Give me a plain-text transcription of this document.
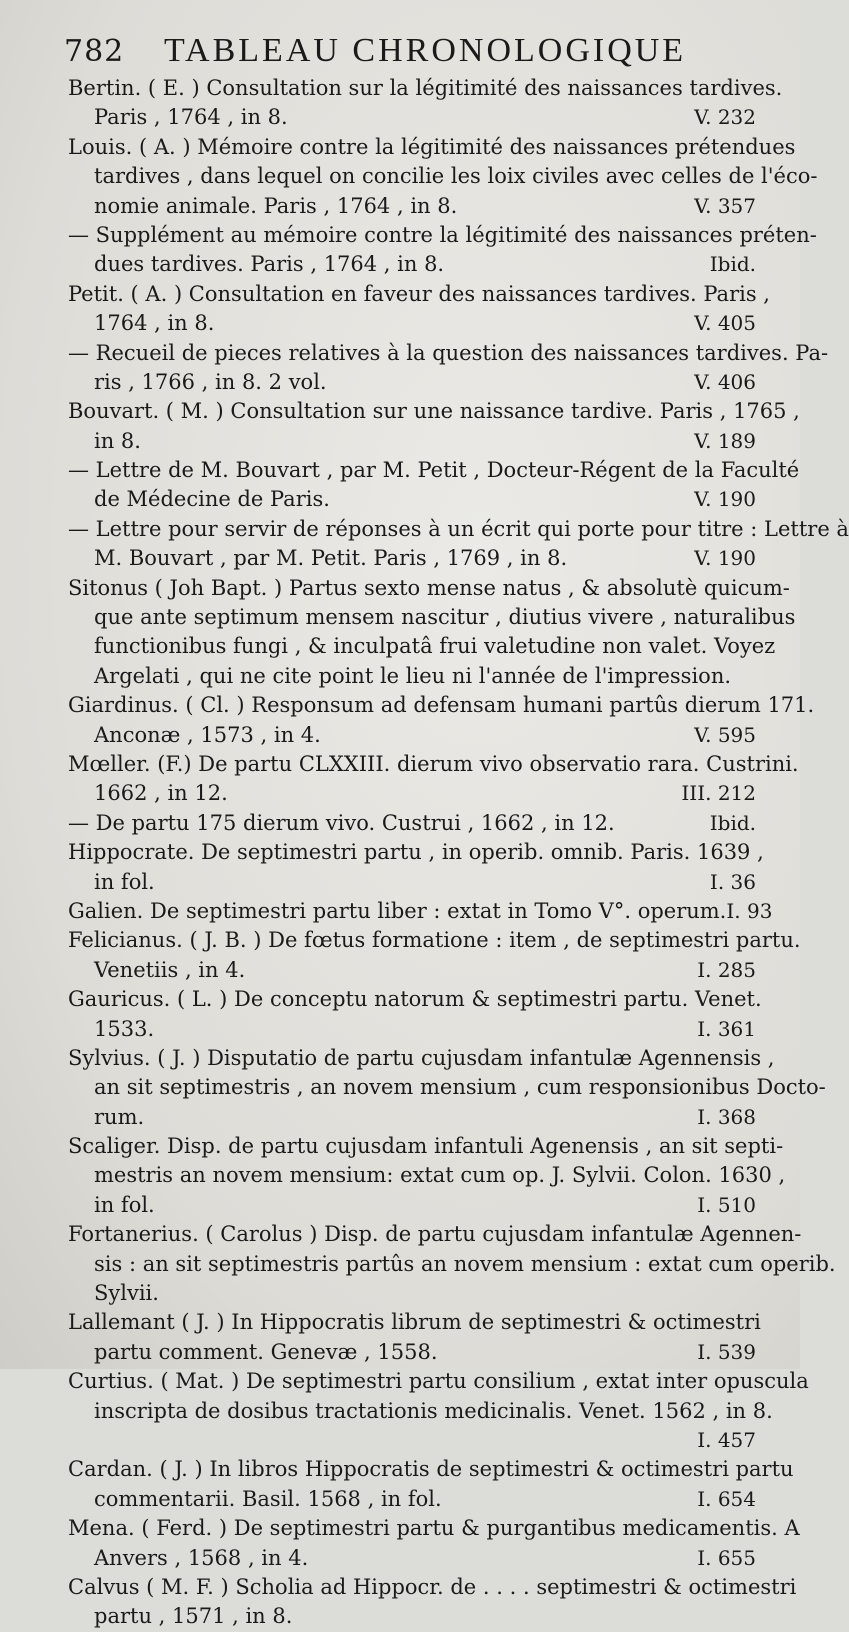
782 TABLEAU CHRONOLOGIQUE
Bertin. ( E. ) Consultation sur la légitimité des naissances tardives.
Paris , 1764 , in 8.	V. 232
Louis. ( A. ) Mémoire contre la légitimité des naissances prétendues
tardives , dans lequel on concilie les loix civiles avec celles de l'éco-
nomie animale. Paris , 1764 , in 8.	V. 357
— Supplément au mémoire contre la légitimité des naissances préten-
dues tardives. Paris , 1764 , in 8.	Ibid.
Petit. ( A. ) Consultation en faveur des naissances tardives. Paris ,
1764 , in 8.	V. 405
— Recueil de pieces relatives à la question des naissances tardives. Pa-
ris , 1766 , in 8. 2 vol.	V. 406
Bouvart. ( M. ) Consultation sur une naissance tardive. Paris , 1765 ,
in 8.	V. 189
— Lettre de M. Bouvart , par M. Petit , Docteur-Régent de la Faculté
de Médecine de Paris.	V. 190
— Lettre pour servir de réponses à un écrit qui porte pour titre : Lettre à
M. Bouvart , par M. Petit. Paris , 1769 , in 8.	V. 190
Sitonus ( Joh Bapt. ) Partus sexto mense natus , & absolutè quicum-
que ante septimum mensem nascitur , diutius vivere , naturalibus
functionibus fungi , & inculpatâ frui valetudine non valet. Voyez
Argelati , qui ne cite point le lieu ni l'année de l'impression.
Giardinus. ( Cl. ) Responsum ad defensam humani partûs dierum 171.
Anconæ , 1573 , in 4.	V. 595
Mœller. (F.) De partu CLXXIII. dierum vivo observatio rara. Custrini.
1662 , in 12.	III. 212
— De partu 175 dierum vivo. Custrui , 1662 , in 12.	Ibid.
Hippocrate. De septimestri partu , in operib. omnib. Paris. 1639 ,
in fol.	I. 36
Galien. De septimestri partu liber : extat in Tomo V°. operum. I. 93
Felicianus. ( J. B. ) De fœtus formatione : item , de septimestri partu.
Venetiis , in 4.	I. 285
Gauricus. ( L. ) De conceptu natorum & septimestri partu. Venet.
1533.	I. 361
Sylvius. ( J. ) Disputatio de partu cujusdam infantulæ Agennensis ,
an sit septimestris , an novem mensium , cum responsionibus Docto-
rum.	I. 368
Scaliger. Disp. de partu cujusdam infantuli Agenensis , an sit septi-
mestris an novem mensium: extat cum op. J. Sylvii. Colon. 1630 ,
in fol.	I. 510
Fortanerius. ( Carolus ) Disp. de partu cujusdam infantulæ Agennen-
sis : an sit septimestris partûs an novem mensium : extat cum operib.
Sylvii.
Lallemant ( J. ) In Hippocratis librum de septimestri & octimestri
partu comment. Genevæ , 1558.	I. 539
Curtius. ( Mat. ) De septimestri partu consilium , extat inter opuscula
inscripta de dosibus tractationis medicinalis. Venet. 1562 , in 8.
I. 457
Cardan. ( J. ) In libros Hippocratis de septimestri & octimestri partu
commentarii. Basil. 1568 , in fol.	I. 654
Mena. ( Ferd. ) De septimestri partu & purgantibus medicamentis. A
Anvers , 1568 , in 4.	I. 655
Calvus ( M. F. ) Scholia ad Hippocr. de . . . . septimestri & octimestri
partu , 1571 , in 8.
